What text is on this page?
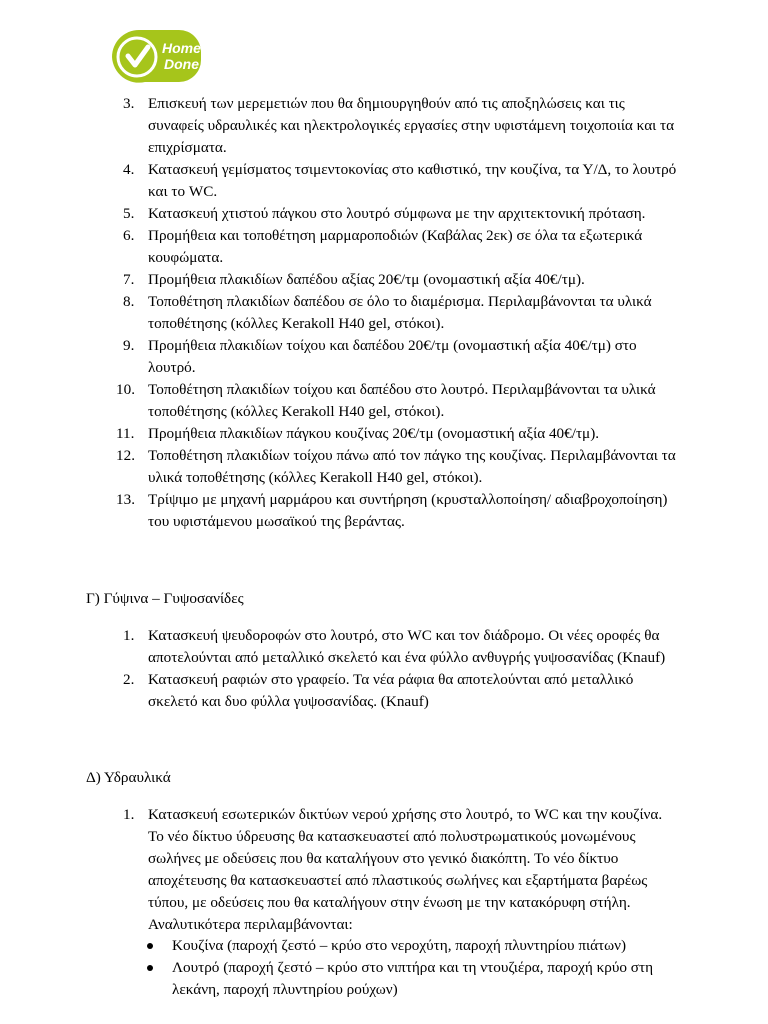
Home
Done
3. Επισκευή των μερεμετιών που θα δημιουργηθούν από τις αποξηλώσεις και τις συναφείς υδραυλικές και ηλεκτρολογικές εργασίες στην υφιστάμενη τοιχοποιία και τα επιχρίσματα.
4. Κατασκευή γεμίσματος τσιμεντοκονίας στο καθιστικό, την κουζίνα, τα Υ/Δ, το λουτρό και το WC.
5. Κατασκευή χτιστού πάγκου στο λουτρό σύμφωνα με την αρχιτεκτονική πρόταση.
6. Προμήθεια και τοποθέτηση μαρμαροποδιών (Καβάλας 2εκ) σε όλα τα εξωτερικά κουφώματα.
7. Προμήθεια πλακιδίων δαπέδου αξίας 20€/τμ (ονομαστική αξία 40€/τμ).
8. Τοποθέτηση πλακιδίων δαπέδου σε όλο το διαμέρισμα. Περιλαμβάνονται τα υλικά τοποθέτησης (κόλλες Kerakoll H40 gel, στόκοι).
9. Προμήθεια πλακιδίων τοίχου και δαπέδου 20€/τμ (ονομαστική αξία 40€/τμ) στο λουτρό.
10. Τοποθέτηση πλακιδίων τοίχου και δαπέδου στο λουτρό. Περιλαμβάνονται τα υλικά τοποθέτησης (κόλλες Kerakoll H40 gel, στόκοι).
11. Προμήθεια πλακιδίων πάγκου κουζίνας 20€/τμ (ονομαστική αξία 40€/τμ).
12. Τοποθέτηση πλακιδίων τοίχου πάνω από τον πάγκο της κουζίνας. Περιλαμβάνονται τα υλικά τοποθέτησης (κόλλες Kerakoll H40 gel, στόκοι).
13. Τρίψιμο με μηχανή μαρμάρου και συντήρηση (κρυσταλλοποίηση/ αδιαβροχοποίηση) του υφιστάμενου μωσαϊκού της βεράντας.
Γ) Γύψινα – Γυψοσανίδες
1. Κατασκευή ψευδοροφών στο λουτρό, στο WC και τον διάδρομο. Οι νέες οροφές θα αποτελούνται από μεταλλικό σκελετό και ένα φύλλο ανθυγρής γυψοσανίδας (Knauf)
2. Κατασκευή ραφιών στο γραφείο. Τα νέα ράφια θα αποτελούνται από μεταλλικό σκελετό και δυο φύλλα γυψοσανίδας. (Knauf)
Δ) Υδραυλικά
1. Κατασκευή εσωτερικών δικτύων νερού χρήσης στο λουτρό, το WC και την κουζίνα. Το νέο δίκτυο ύδρευσης θα κατασκευαστεί από πολυστρωματικούς μονωμένους σωλήνες με οδεύσεις που θα καταλήγουν στο γενικό διακόπτη. Το νέο δίκτυο αποχέτευσης θα κατασκευαστεί από πλαστικούς σωλήνες και εξαρτήματα βαρέως τύπου, με οδεύσεις που θα καταλήγουν στην ένωση με την κατακόρυφη στήλη. Αναλυτικότερα περιλαμβάνονται:
Κουζίνα (παροχή ζεστό – κρύο στο νεροχύτη, παροχή πλυντηρίου πιάτων)
Λουτρό (παροχή ζεστό – κρύο στο νιπτήρα και τη ντουζιέρα, παροχή κρύο στη λεκάνη, παροχή πλυντηρίου ρούχων)
